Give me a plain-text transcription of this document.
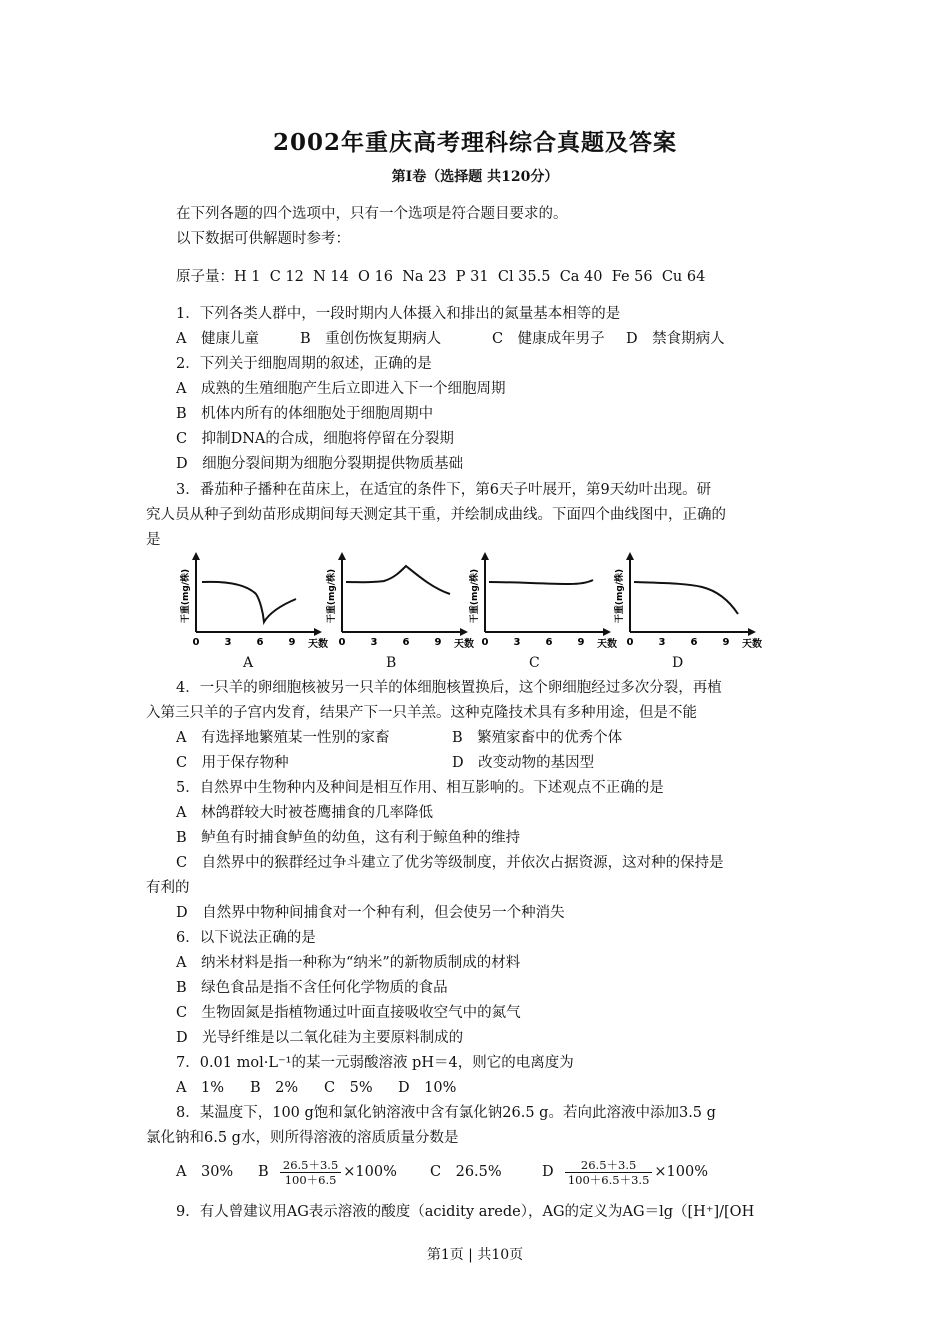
2002年重庆高考理科综合真题及答案
第Ⅰ卷（选择题 共120分）
在下列各题的四个选项中，只有一个选项是符合题目要求的。
以下数据可供解题时参考：
原子量：H 1  C 12  N 14  O 16  Na 23  P 31  Cl 35.5  Ca 40  Fe 56  Cu 64
1．下列各类人群中，一段时期内人体摄入和排出的氮量基本相等的是
A　健康儿童	B　重创伤恢复期病人	C　健康成年男子 D　禁食期病人
2．下列关于细胞周期的叙述，正确的是
A　成熟的生殖细胞产生后立即进入下一个细胞周期
B　机体内所有的体细胞处于细胞周期中
C　抑制DNA的合成，细胞将停留在分裂期
D　细胞分裂间期为细胞分裂期提供物质基础
3．番茄种子播种在苗床上，在适宜的条件下，第6天子叶展开，第9天幼叶出现。研
究人员从种子到幼苗形成期间每天测定其干重，并绘制成曲线。下面四个曲线图中，正确的
是
干重(mg/株)
0	3	6	9 天数
干重(mg/株)
0	3	6	9 天数
干重(mg/株)
0	3	6	9 天数
干重(mg/株)
0	3	6	9 天数
A	B	C	D
4．一只羊的卵细胞核被另一只羊的体细胞核置换后，这个卵细胞经过多次分裂，再植
入第三只羊的子宫内发育，结果产下一只羊羔。这种克隆技术具有多种用途，但是不能
A　有选择地繁殖某一性别的家畜	B　繁殖家畜中的优秀个体
C　用于保存物种	D　改变动物的基因型
5．自然界中生物种内及种间是相互作用、相互影响的。下述观点不正确的是
A　林鸽群较大时被苍鹰捕食的几率降低
B　鲈鱼有时捕食鲈鱼的幼鱼，这有利于鲸鱼种的维持
C　自然界中的猴群经过争斗建立了优劣等级制度，并依次占据资源，这对种的保持是
有利的
D　自然界中物种间捕食对一个种有利，但会使另一个种消失
6．以下说法正确的是
A　纳米材料是指一种称为“纳米”的新物质制成的材料
B　绿色食品是指不含任何化学物质的食品
C　生物固氮是指植物通过叶面直接吸收空气中的氮气
D　光导纤维是以二氧化硅为主要原料制成的
7．0.01 mol·L⁻¹的某一元弱酸溶液 pH＝4，则它的电离度为
A　1% B　2% C　5% D　10%
8．某温度下，100 g饱和氯化钠溶液中含有氯化钠26.5 g。若向此溶液中添加3.5 g
氯化钠和6.5 g水，则所得溶液的溶质质量分数是
A　30% B $\frac{26.5+3.5}{100+6.5} \times 100\%$ C　26.5%	D $\frac{26.5+3.5}{100+6.5+3.5} \times 100\%$
9．有人曾建议用AG表示溶液的酸度（acidity arede），AG的定义为AG＝lg（[H⁺]/[OH
第1页 | 共10页
